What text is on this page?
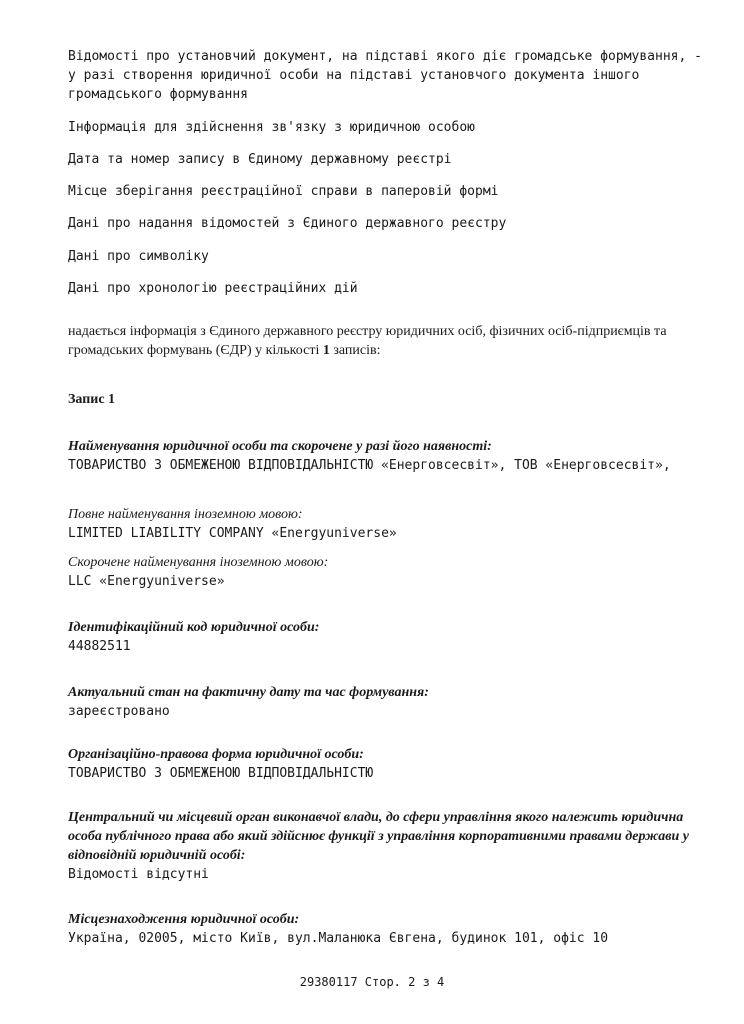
Відомості про установчий документ, на підставі якого діє громадське формування, - у разі створення юридичної особи на підставі установчого документа іншого громадського формування
Інформація для здійснення зв'язку з юридичною особою
Дата та номер запису в Єдиному державному реєстрі
Місце зберігання реєстраційної справи в паперовій формі
Дані про надання відомостей з Єдиного державного реєстру
Дані про символіку
Дані про хронологію реєстраційних дій
надається інформація з Єдиного державного реєстру юридичних осіб, фізичних осіб-підприємців та громадських формувань (ЄДР) у кількості 1 записів:
Запис 1
Найменування юридичної особи та скорочене у разі його наявності:
ТОВАРИСТВО З ОБМЕЖЕНОЮ ВІДПОВІДАЛЬНІСТЮ «Енерговсесвіт», ТОВ «Енерговсесвіт»,
Повне найменування іноземною мовою:
LIMITED LIABILITY COMPANY «Energyuniverse»
Скорочене найменування іноземною мовою:
LLC «Energyuniverse»
Ідентифікаційний код юридичної особи:
44882511
Актуальний стан на фактичну дату та час формування:
зареєстровано
Організаційно-правова форма юридичної особи:
ТОВАРИСТВО З ОБМЕЖЕНОЮ ВІДПОВІДАЛЬНІСТЮ
Центральний чи місцевий орган виконавчої влади, до сфери управління якого належить юридична особа публічного права або який здійснює функції з управління корпоративними правами держави у відповідній юридичній особі:
Відомості відсутні
Місцезнаходження юридичної особи:
Україна, 02005, місто Київ, вул.Маланюка Євгена, будинок 101, офіс 10
29380117 Стор. 2 з 4
